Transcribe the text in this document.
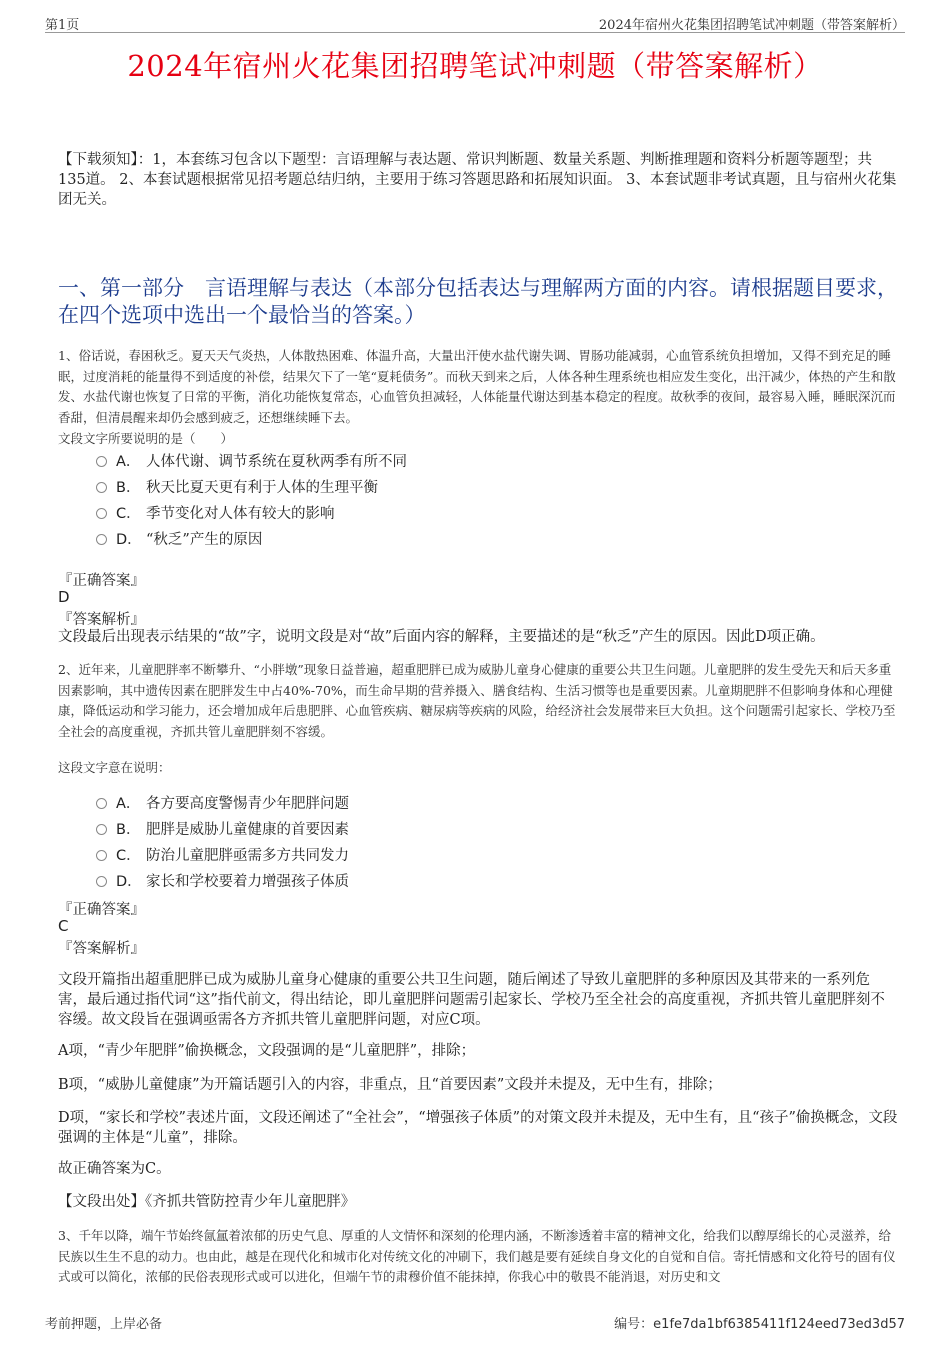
第1页	2024年宿州火花集团招聘笔试冲刺题（带答案解析）
2024年宿州火花集团招聘笔试冲刺题（带答案解析）
【下载须知】：1，本套练习包含以下题型：言语理解与表达题、常识判断题、数量关系题、判断推理题和资料分析题等题型；共135道。 2、本套试题根据常见招考题总结归纳，主要用于练习答题思路和拓展知识面。 3、本套试题非考试真题，且与宿州火花集团无关。
一、第一部分　言语理解与表达（本部分包括表达与理解两方面的内容。请根据题目要求，在四个选项中选出一个最恰当的答案。）
1、俗话说，春困秋乏。夏天天气炎热，人体散热困难、体温升高，大量出汗使水盐代谢失调、胃肠功能减弱，心血管系统负担增加，又得不到充足的睡眠，过度消耗的能量得不到适度的补偿，结果欠下了一笔“夏耗债务”。而秋天到来之后，人体各种生理系统也相应发生变化，出汗减少，体热的产生和散发、水盐代谢也恢复了日常的平衡，消化功能恢复常态，心血管负担减轻，人体能量代谢达到基本稳定的程度。故秋季的夜间，最容易入睡，睡眠深沉而香甜，但清晨醒来却仍会感到疲乏，还想继续睡下去。
文段文字所要说明的是（　　）
A． 人体代谢、调节系统在夏秋两季有所不同
B． 秋天比夏天更有利于人体的生理平衡
C． 季节变化对人体有较大的影响
D． “秋乏”产生的原因
『正确答案』
D
『答案解析』
文段最后出现表示结果的“故”字，说明文段是对“故”后面内容的解释，主要描述的是“秋乏”产生的原因。因此D项正确。
2、近年来，儿童肥胖率不断攀升、“小胖墩”现象日益普遍，超重肥胖已成为威胁儿童身心健康的重要公共卫生问题。儿童肥胖的发生受先天和后天多重因素影响，其中遗传因素在肥胖发生中占40%-70%，而生命早期的营养摄入、膳食结构、生活习惯等也是重要因素。儿童期肥胖不但影响身体和心理健康，降低运动和学习能力，还会增加成年后患肥胖、心血管疾病、糖尿病等疾病的风险，给经济社会发展带来巨大负担。这个问题需引起家长、学校乃至全社会的高度重视，齐抓共管儿童肥胖刻不容缓。
这段文字意在说明：
A． 各方要高度警惕青少年肥胖问题
B． 肥胖是威胁儿童健康的首要因素
C． 防治儿童肥胖亟需多方共同发力
D． 家长和学校要着力增强孩子体质
『正确答案』
C
『答案解析』
文段开篇指出超重肥胖已成为威胁儿童身心健康的重要公共卫生问题，随后阐述了导致儿童肥胖的多种原因及其带来的一系列危害，最后通过指代词“这”指代前文，得出结论，即儿童肥胖问题需引起家长、学校乃至全社会的高度重视，齐抓共管儿童肥胖刻不容缓。故文段旨在强调亟需各方齐抓共管儿童肥胖问题，对应C项。
A项，“青少年肥胖”偷换概念，文段强调的是“儿童肥胖”，排除；
B项，“威胁儿童健康”为开篇话题引入的内容，非重点，且“首要因素”文段并未提及，无中生有，排除；
D项，“家长和学校”表述片面，文段还阐述了“全社会”，“增强孩子体质”的对策文段并未提及，无中生有，且“孩子”偷换概念，文段强调的主体是“儿童”，排除。
故正确答案为C。
【文段出处】《齐抓共管防控青少年儿童肥胖》
3、千年以降，端午节始终氤氲着浓郁的历史气息、厚重的人文情怀和深刻的伦理内涵，不断渗透着丰富的精神文化，给我们以醇厚绵长的心灵滋养，给民族以生生不息的动力。也由此，越是在现代化和城市化对传统文化的冲刷下，我们越是要有延续自身文化的自觉和自信。寄托情感和文化符号的固有仪式或可以简化，浓郁的民俗表现形式或可以进化，但端午节的肃穆价值不能抹掉，你我心中的敬畏不能消退，对历史和文
考前押题，上岸必备	编号：e1fe7da1bf6385411f124eed73ed3d57
